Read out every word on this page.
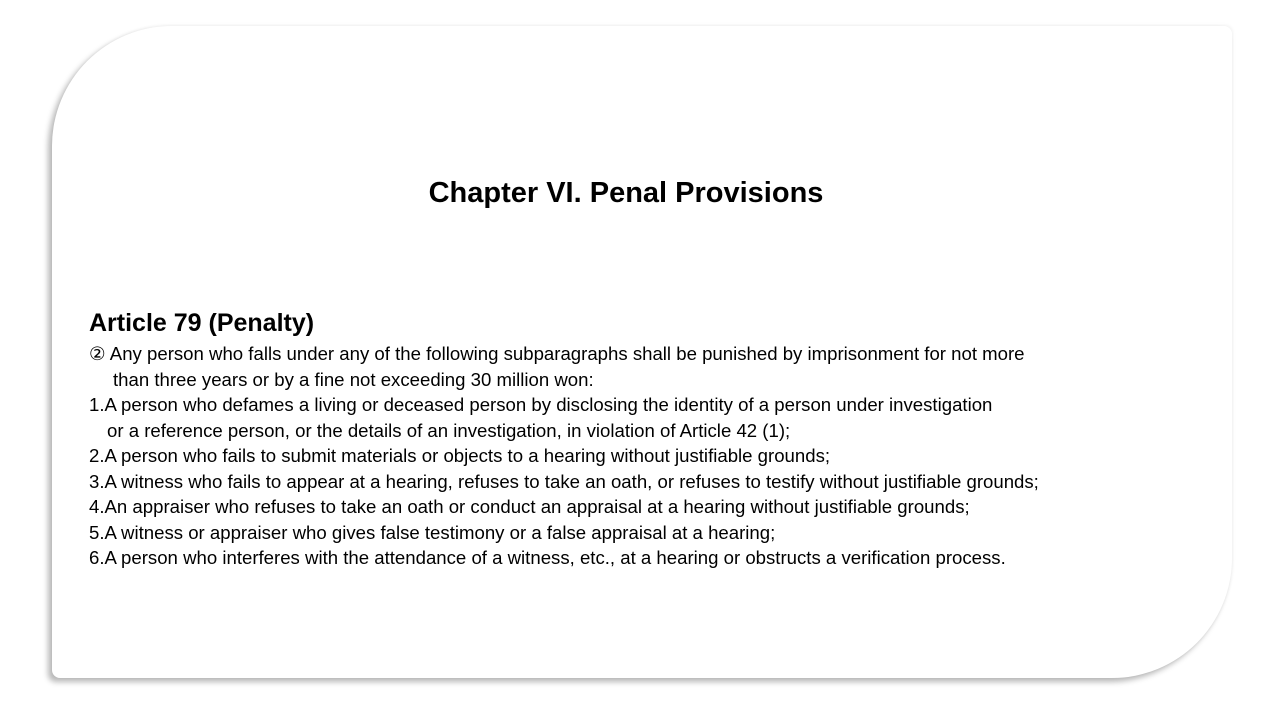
Chapter VI. Penal Provisions
Article 79 (Penalty)

② Any person who falls under any of the following subparagraphs shall be punished by imprisonment for not more

than three years or by a fine not exceeding 30 million won:

1.A person who defames a living or deceased person by disclosing the identity of a person under investigation

or a reference person, or the details of an investigation, in violation of Article 42 (1);

2.A person who fails to submit materials or objects to a hearing without justifiable grounds;

3.A witness who fails to appear at a hearing, refuses to take an oath, or refuses to testify without justifiable grounds;

4.An appraiser who refuses to take an oath or conduct an appraisal at a hearing without justifiable grounds;

5.A witness or appraiser who gives false testimony or a false appraisal at a hearing;

6.A person who interferes with the attendance of a witness, etc., at a hearing or obstructs a verification process.
